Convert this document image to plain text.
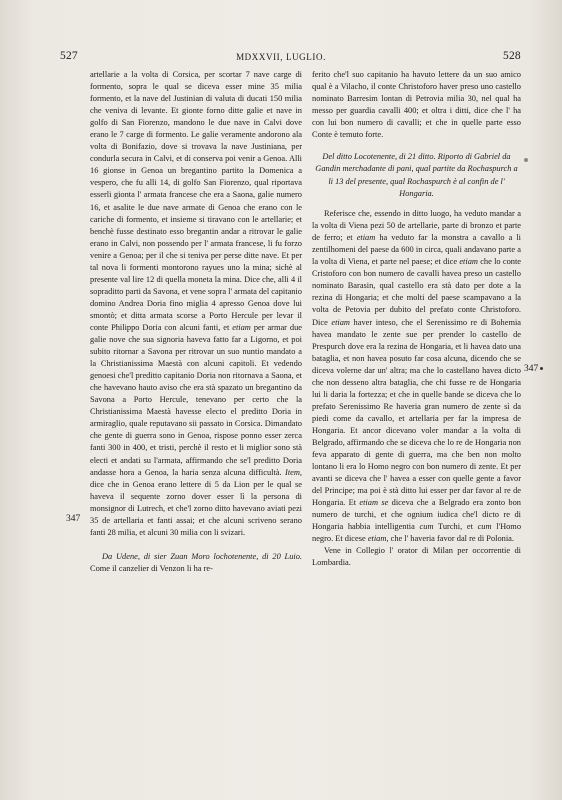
527	MDXXVII, LUGLIO.	528
347
347

artellarie a la volta di Corsica, per scortar 7 nave carge di formento, sopra le qual se diceva esser mine 35 milia formento, et la nave del Justinian di valuta di ducati 150 milia che veniva di levante. Et gionte forno ditte galie et nave in golfo di San Fiorenzo, mandono le due nave in Calvi dove erano le 7 carge di formento. Le galie veramente andorono ala volta di Bonifazio, dove si trovava la nave Justiniana, per condurla secura in Calvi, et di conserva poi venir a Genoa. Alli 16 gionse in Genoa un bregantino partito la Domenica a vespero, che fu alli 14, di golfo San Fiorenzo, qual riportava esserli gionta l' armata francese che era a Saona, galie numero 16, et asalite le due nave armate di Genoa che erano con le cariche di formento, et insieme si tiravano con le artellarie; et benchè fusse destinato esso bregantin andar a ritrovar le galie erano in Calvi, non possendo per l' armata francese, li fu forzo venire a Genoa; per il che si teniva per perse ditte nave. Et per tal nova li formenti montorono rayues uno la mina; sichè al presente val lire 12 di quella moneta la mina. Dice che, alli 4 il sopraditto parti da Savona, et vene sopra l' armata del capitanio domino Andrea Doria fino miglia 4 apresso Genoa dove lui smontò; et ditta armata scorse a Porto Hercule per levar il conte Philippo Doria con alcuni fanti, et etiam per armar due galie nove che sua signoria haveva fatto far a Ligorno, et poi subito ritornar a Savona per ritrovar un suo nuntio mandato a la Christianissima Maestà con alcuni capitoli. Et vedendo genoesi che'l preditto capitanio Doria non ritornava a Saona, et che havevano hauto aviso che era stà spazato un bregantino da Savona a Porto Hercule, tenevano per certo che la Christianissima Maestà havesse electo el preditto Doria in armiraglio, quale reputavano sii passato in Corsica. Dimandato che gente di guerra sono in Genoa, rispose ponno esser zerca fanti 300 in 400, et tristi, perchè il resto et li miglior sono stà electi et andati su l'armata, affirmando che se'l preditto Doria andasse hora a Genoa, la haria senza alcuna difficultà. Item, dice che in Genoa erano lettere di 5 da Lion per le qual se haveva il sequente zorno dover esser lì la persona di monsignor di Lutrech, et che'l zorno ditto havevano aviati pezi 35 de artellaria et fanti assai; et che alcuni scriveno serano fanti 28 milia, et alcuni 30 milia con li svizari.

Da Udene, di sier Zuan Moro lochotenente, di 20 Luio. Come il canzelier di Venzon li ha re-

ferito che'l suo capitanio ha havuto lettere da un suo amico qual è a Vilacho, il conte Christoforo haver preso uno castello nominato Barresim lontan di Petrovia milia 30, nel qual ha messo per guardia cavalli 400; et oltra i ditti, dice che l' ha con lui bon numero di cavalli; et che in quelle parte esso Conte è temuto forte.

Del ditto Locotenente, di 21 ditto. Riporto di Gabriel da Gandin merchadante di pani, qual partite da Rochaspurch a li 13 del presente, qual Rochaspurch è al confin de l' Hongaria.

Referisce che, essendo in ditto luogo, ha veduto mandar a la volta di Viena pezi 50 de artellarie, parte di bronzo et parte de ferro; et etiam ha veduto far la monstra a cavallo a li zentilhomeni del paese da 600 in circa, quali andavano parte a la volta di Viena, et parte nel paese; et dice etiam che lo conte Cristoforo con bon numero de cavalli havea preso un castello nominato Barasin, qual castello era stà dato per dote a la rezina di Hongaria; et che molti del paese scampavano a la volta de Petovia per dubito del prefato conte Christoforo. Dice etiam haver inteso, che el Serenissimo re di Bohemia havea mandato le zente sue per prender lo castello de Prespurch dove era la rezina de Hongaria, et li havea dato una bataglia, et non havea posuto far cosa alcuna, dicendo che se diceva volerne dar un' altra; ma che lo castellano havea dicto che non desseno altra bataglia, che chi fusse re de Hongaria lui li daria la fortezza; et che in quelle bande se diceva che lo prefato Serenissimo Re haveria gran numero de zente sì da piedi come da cavallo, et artellaria per far la impresa de Hongaria. Et ancor dicevano voler mandar a la volta di Belgrado, affirmando che se diceva che lo re de Hongaria non feva apparato di gente di guerra, ma che ben non molto lontano li era lo Homo negro con bon numero di zente. Et per avanti se diceva che l' havea a esser con quelle gente a favor del Principe; ma poi è stà ditto lui esser per dar favor al re de Hongaria. Et etiam se diceva che a Belgrado era zonto bon numero de turchi, et che ognium iudica che'l dicto re di Hongaria habbia intelligentia cum Turchi, et cum l'Homo negro. Et dicese etiam, che l' haveria favor dal re di Polonia.

Vene in Collegio l' orator di Milan per occorrentie di Lombardia.
